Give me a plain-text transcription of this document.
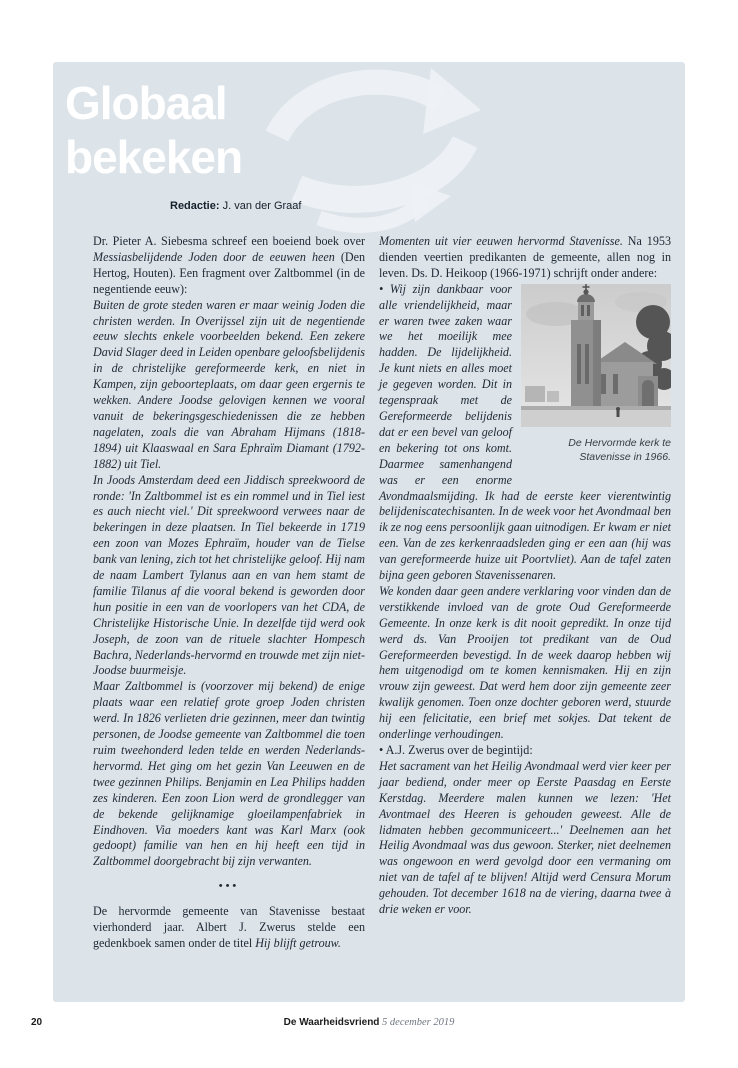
Globaal
bekeken
Redactie: J. van der Graaf

Dr. Pieter A. Siebesma schreef een boeiend boek over Messiasbelijdende Joden door de eeuwen heen (Den Hertog, Houten). Een fragment over Zaltbommel (in de negentiende eeuw):

Buiten de grote steden waren er maar weinig Joden die christen werden. In Overijssel zijn uit de negentiende eeuw slechts enkele voorbeelden bekend. Een zekere David Slager deed in Leiden openbare geloofsbelijdenis in de christelijke gereformeerde kerk, en niet in Kampen, zijn geboorteplaats, om daar geen ergernis te wekken. Andere Joodse gelovigen kennen we vooral vanuit de bekeringsgeschiedenissen die ze hebben nagelaten, zoals die van Abraham Hijmans (1818-1894) uit Klaaswaal en Sara Ephraïm Diamant (1792-1882) uit Tiel.

In Joods Amsterdam deed een Jiddisch spreekwoord de ronde: 'In Zaltbommel ist es ein rommel und in Tiel iest es auch niecht viel.' Dit spreekwoord verwees naar de bekeringen in deze plaatsen. In Tiel bekeerde in 1719 een zoon van Mozes Ephraïm, houder van de Tielse bank van lening, zich tot het christelijke geloof. Hij nam de naam Lambert Tylanus aan en van hem stamt de familie Tilanus af die vooral bekend is geworden door hun positie in een van de voorlopers van het CDA, de Christelijke Historische Unie. In dezelfde tijd werd ook Joseph, de zoon van de rituele slachter Hompesch Bachra, Nederlands-hervormd en trouwde met zijn niet-Joodse buurmeisje.

Maar Zaltbommel is (voorzover mij bekend) de enige plaats waar een relatief grote groep Joden christen werd. In 1826 verlieten drie gezinnen, meer dan twintig personen, de Joodse gemeente van Zaltbommel die toen ruim tweehonderd leden telde en werden Nederlands-hervormd. Het ging om het gezin Van Leeuwen en de twee gezinnen Philips. Benjamin en Lea Philips hadden zes kinderen. Een zoon Lion werd de grondlegger van de bekende gelijknamige gloeilampenfabriek in Eindhoven. Via moeders kant was Karl Marx (ook gedoopt) familie van hen en hij heeft een tijd in Zaltbommel doorgebracht bij zijn verwanten.

•••

De hervormde gemeente van Stavenisse bestaat vierhonderd jaar. Albert J. Zwerus stelde een gedenkboek samen onder de titel Hij blijft getrouw.

Momenten uit vier eeuwen hervormd Stavenisse. Na 1953 dienden veertien predikanten de gemeente, allen nog in leven. Ds. D. Heikoop (1966-1971) schrijft onder andere:

De Hervormde kerk te Stavenisse in 1966.

• Wij zijn dankbaar voor alle vriendelijkheid, maar er waren twee zaken waar we het moeilijk mee hadden. De lijdelijkheid. Je kunt niets en alles moet je gegeven worden. Dit in tegenspraak met de Gereformeerde belijdenis dat er een bevel van geloof en bekering tot ons komt. Daarmee samenhangend was er een enorme Avondmaalsmijding. Ik had de eerste keer vierentwintig belijdeniscatechisanten. In de week voor het Avondmaal ben ik ze nog eens persoonlijk gaan uitnodigen. Er kwam er niet een. Van de zes kerkenraadsleden ging er een aan (hij was van gereformeerde huize uit Poortvliet). Aan de tafel zaten bijna geen geboren Stavenissenaren.

We konden daar geen andere verklaring voor vinden dan de verstikkende invloed van de grote Oud Gereformeerde Gemeente. In onze kerk is dit nooit gepredikt. In onze tijd werd ds. Van Prooijen tot predikant van de Oud Gereformeerden bevestigd. In de week daarop hebben wij hem uitgenodigd om te komen kennismaken. Hij en zijn vrouw zijn geweest. Dat werd hem door zijn gemeente zeer kwalijk genomen. Toen onze dochter geboren werd, stuurde hij een felicitatie, een brief met sokjes. Dat tekent de onderlinge verhoudingen.

• A.J. Zwerus over de begintijd:

Het sacrament van het Heilig Avondmaal werd vier keer per jaar bediend, onder meer op Eerste Paasdag en Eerste Kerstdag. Meerdere malen kunnen we lezen: 'Het Avontmael des Heeren is gehouden geweest. Alle de lidmaten hebben gecommuniceert...' Deelnemen aan het Heilig Avondmaal was dus gewoon. Sterker, niet deelnemen was ongewoon en werd gevolgd door een vermaning om niet van de tafel af te blijven! Altijd werd Censura Morum gehouden. Tot december 1618 na de viering, daarna twee à drie weken er voor.

20	De Waarheidsvriend 5 december 2019
